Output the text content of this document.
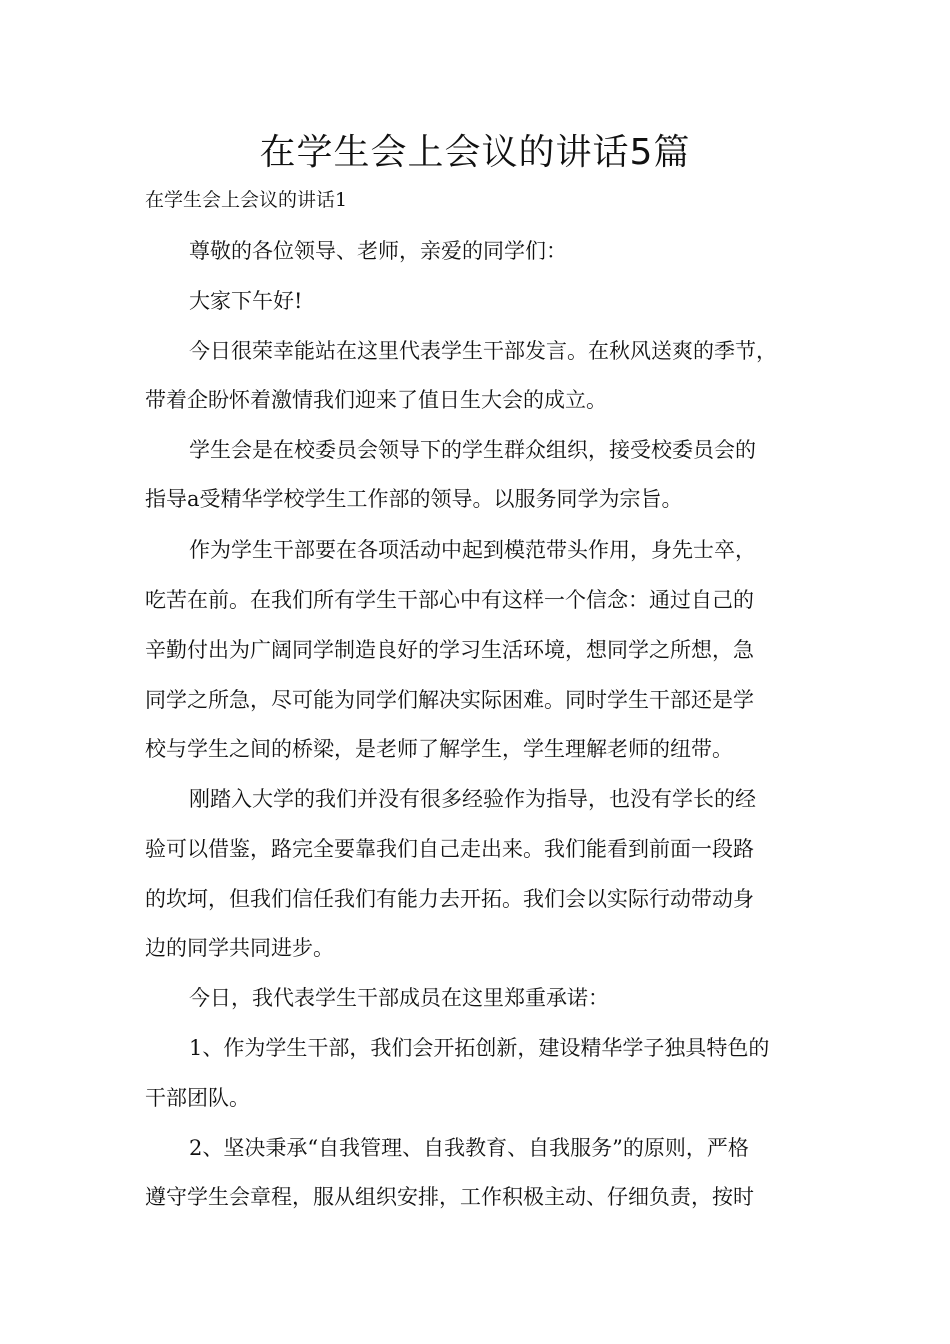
在学生会上会议的讲话5篇
在学生会上会议的讲话1
尊敬的各位领导、老师，亲爱的同学们：
大家下午好!
今日很荣幸能站在这里代表学生干部发言。在秋风送爽的季节，
带着企盼怀着激情我们迎来了值日生大会的成立。
学生会是在校委员会领导下的学生群众组织，接受校委员会的
指导a受精华学校学生工作部的领导。以服务同学为宗旨。
作为学生干部要在各项活动中起到模范带头作用，身先士卒，
吃苦在前。在我们所有学生干部心中有这样一个信念：通过自己的
辛勤付出为广阔同学制造良好的学习生活环境，想同学之所想，急
同学之所急，尽可能为同学们解决实际困难。同时学生干部还是学
校与学生之间的桥梁，是老师了解学生，学生理解老师的纽带。
刚踏入大学的我们并没有很多经验作为指导，也没有学长的经
验可以借鉴，路完全要靠我们自己走出来。我们能看到前面一段路
的坎坷，但我们信任我们有能力去开拓。我们会以实际行动带动身
边的同学共同进步。
今日，我代表学生干部成员在这里郑重承诺：
1、作为学生干部，我们会开拓创新，建设精华学子独具特色的
干部团队。
2、坚决秉承“自我管理、自我教育、自我服务”的原则，严格
遵守学生会章程，服从组织安排，工作积极主动、仔细负责，按时
